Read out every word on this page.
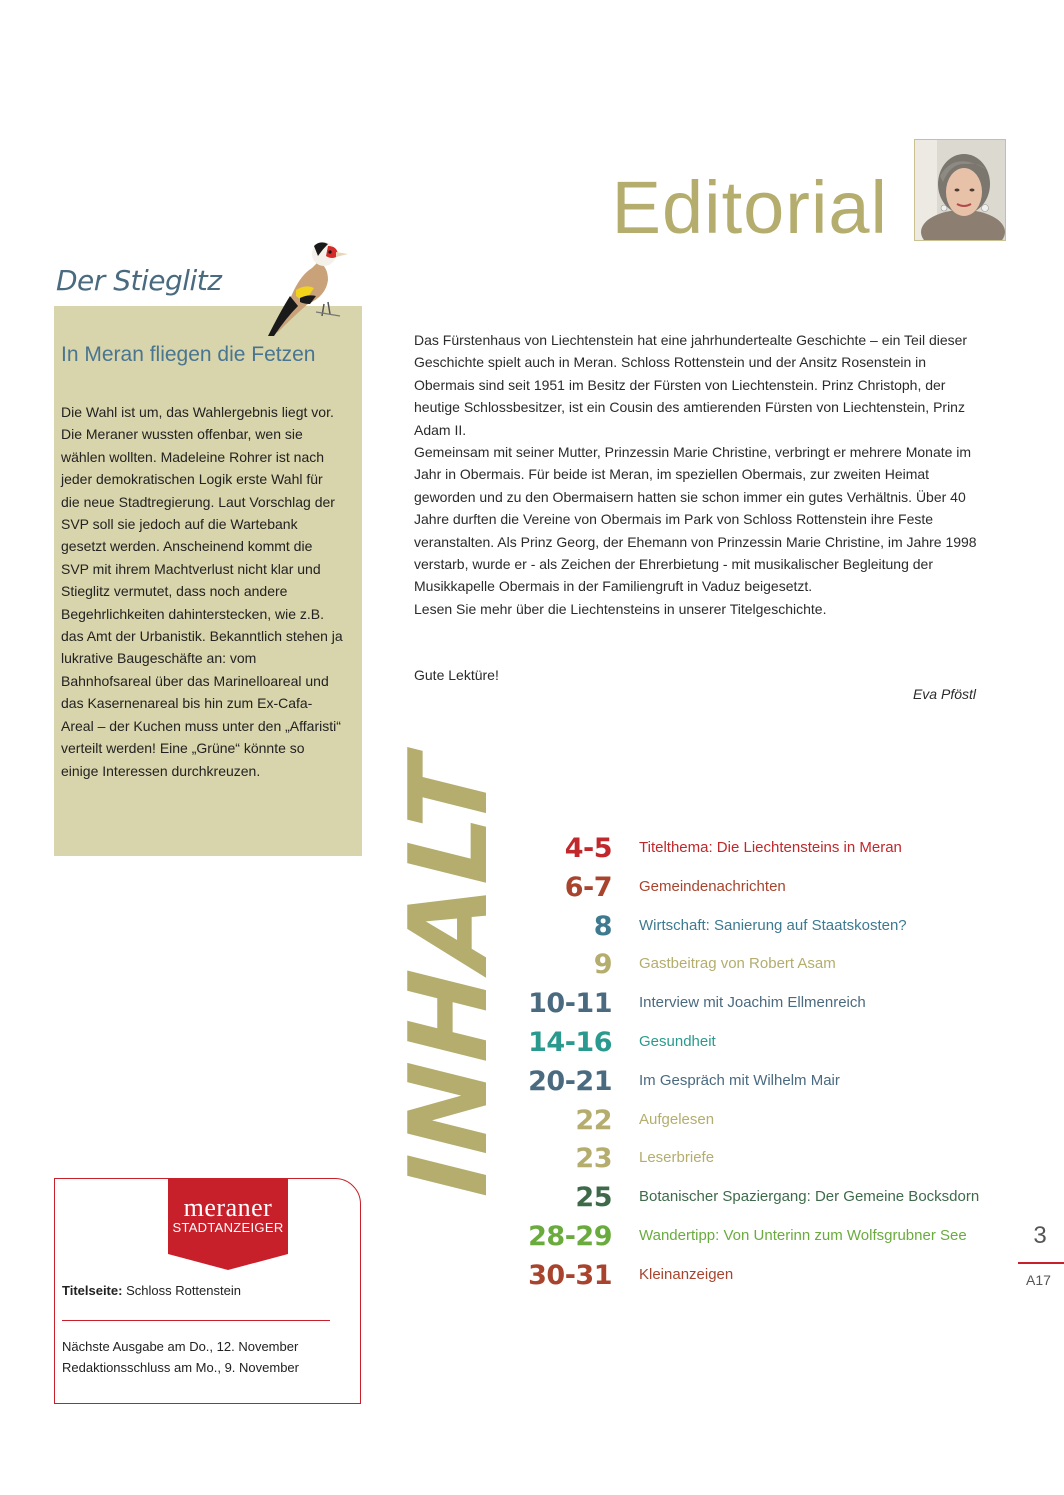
Editorial
Der Stieglitz
In Meran fliegen die Fetzen
Die Wahl ist um, das Wahlergebnis liegt vor. Die Meraner wussten offenbar, wen sie wählen wollten. Madeleine Rohrer ist nach jeder demokratischen Logik erste Wahl für die neue Stadtregierung. Laut Vorschlag der SVP soll sie jedoch auf die Wartebank gesetzt werden. Anscheinend kommt die SVP mit ihrem Machtverlust nicht klar und Stieglitz vermutet, dass noch andere Begehrlichkeiten dahinterstecken, wie z.B. das Amt der Urbanistik. Bekanntlich stehen ja lukrative Baugeschäfte an: vom Bahnhofsareal über das Marinelloareal und das Kasernenareal bis hin zum Ex-Cafa-Areal – der Kuchen muss unter den „Affaristi“ verteilt werden! Eine „Grüne“ könnte so einige Interessen durchkreuzen.

Das Fürstenhaus von Liechtenstein hat eine jahrhundertealte Geschichte – ein Teil dieser Geschichte spielt auch in Meran. Schloss Rottenstein und der Ansitz Rosenstein in Obermais sind seit 1951 im Besitz der Fürsten von Liechtenstein. Prinz Christoph, der heutige Schlossbesitzer, ist ein Cousin des amtierenden Fürsten von Liechtenstein, Prinz Adam II.

Gemeinsam mit seiner Mutter, Prinzessin Marie Christine, verbringt er mehrere Monate im Jahr in Obermais. Für beide ist Meran, im speziellen Obermais, zur zweiten Heimat geworden und zu den Obermaisern hatten sie schon immer ein gutes Verhältnis. Über 40 Jahre durften die Vereine von Obermais im Park von Schloss Rottenstein ihre Feste veranstalten. Als Prinz Georg, der Ehemann von Prinzessin Marie Christine, im Jahre 1998 verstarb, wurde er - als Zeichen der Ehrerbietung - mit musikalischer Begleitung der Musikkapelle Obermais in der Familiengruft in Vaduz beigesetzt.

Lesen Sie mehr über die Liechtensteins in unserer Titelgeschichte.

Gute Lektüre!
Eva Pföstl
INHALT	4-5 Titelthema: Die Liechtensteins in Meran
6-7 Gemeindenachrichten
8 Wirtschaft: Sanierung auf Staatskosten?
9 Gastbeitrag von Robert Asam
10-11 Interview mit Joachim Ellmenreich
14-16 Gesundheit
20-21 Im Gespräch mit Wilhelm Mair
22 Aufgelesen
23 Leserbriefe
25 Botanischer Spaziergang: Der Gemeine Bocksdorn
28-29 Wandertipp: Von Unterinn zum Wolfsgrubner See
30-31 Kleinanzeigen
3
A17
meraner
STADTANZEIGER
Titelseite: Schloss Rottenstein
Nächste Ausgabe am Do., 12. November
Redaktionsschluss am Mo., 9. November
